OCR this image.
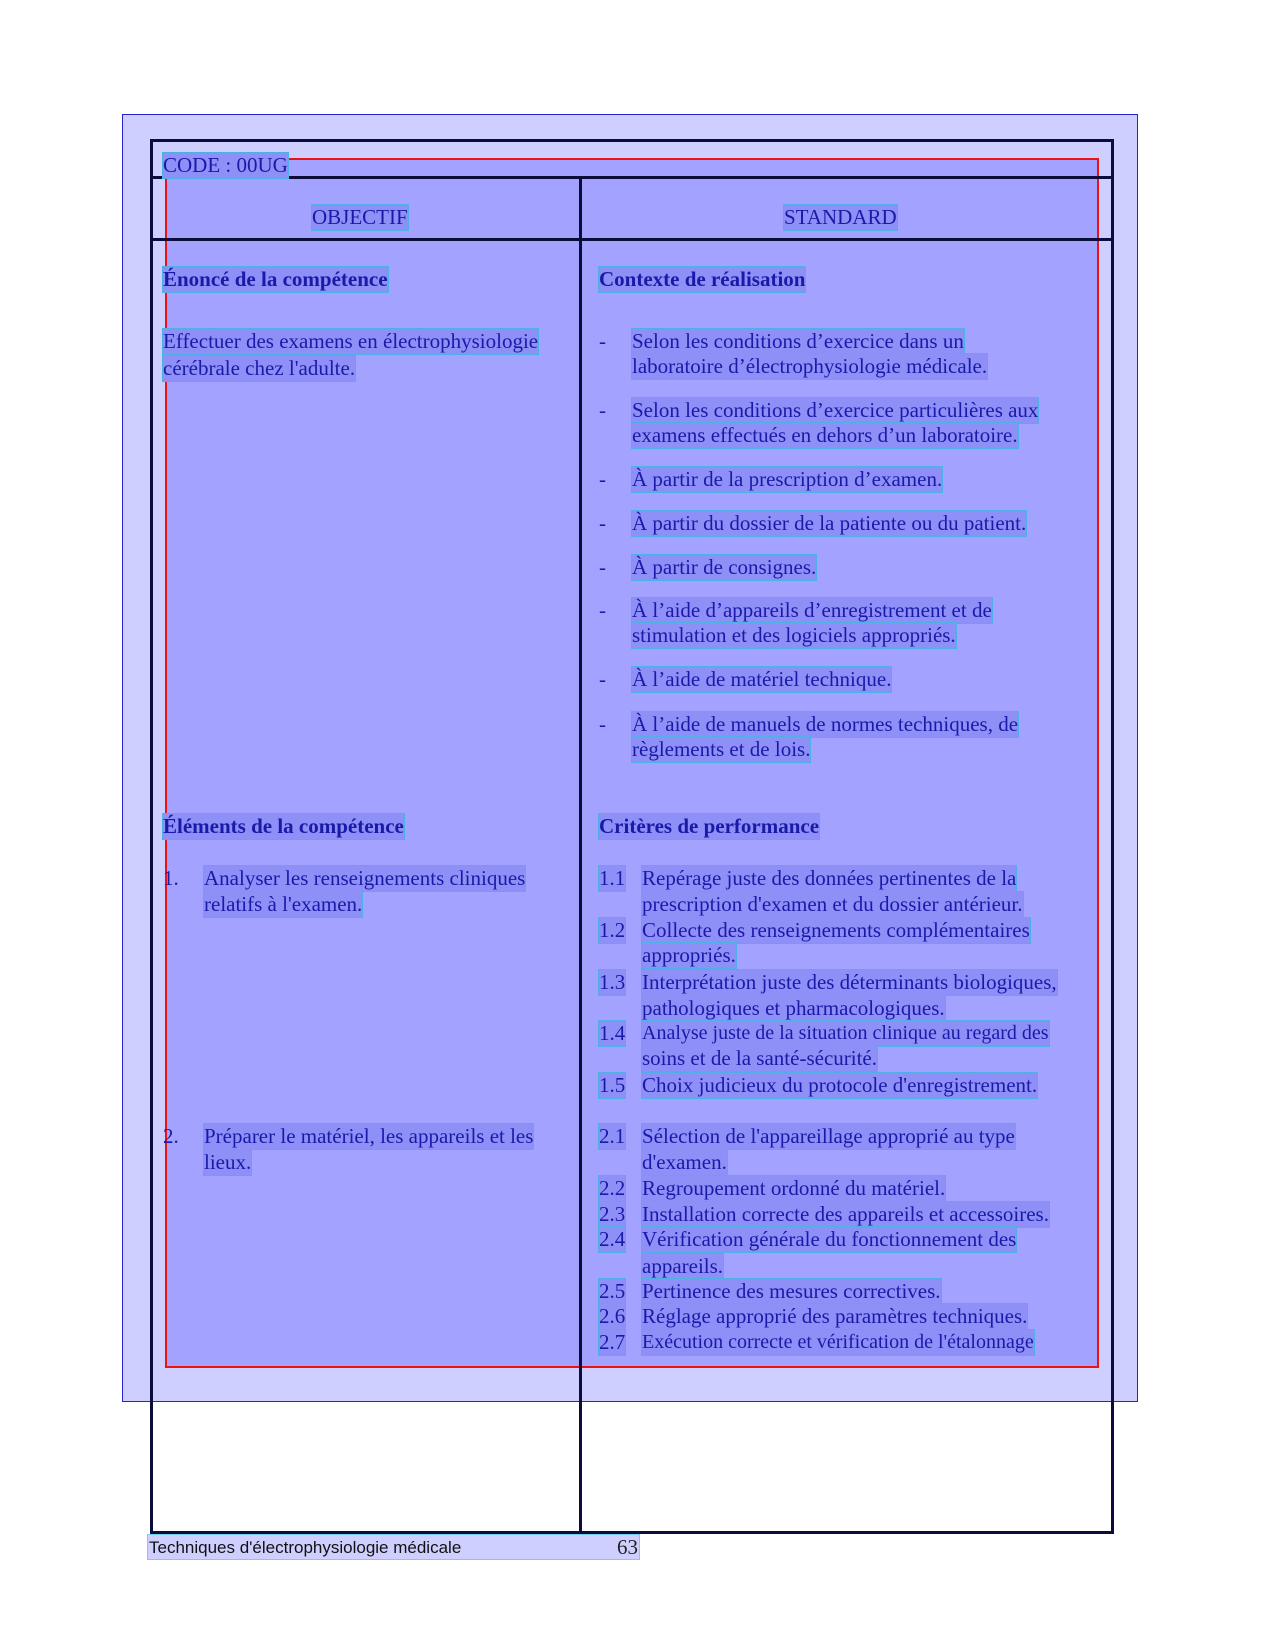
CODE : 00UG
OBJECTIF	STANDARD
Énoncé de la compétence
Effectuer des examens en électrophysiologie
cérébrale chez l'adulte.
Éléments de la compétence
1. Analyser les renseignements cliniques
relatifs à l'examen.
2. Préparer le matériel, les appareils et les
lieux.
Contexte de réalisation
- Selon les conditions d’exercice dans un
laboratoire d’électrophysiologie médicale.
- Selon les conditions d’exercice particulières aux
examens effectués en dehors d’un laboratoire.
- À partir de la prescription d’examen.
- À partir du dossier de la patiente ou du patient.
- À partir de consignes.
- À l’aide d’appareils d’enregistrement et de
stimulation et des logiciels appropriés.
- À l’aide de matériel technique.
- À l’aide de manuels de normes techniques, de
règlements et de lois.
Critères de performance
1.1 Repérage juste des données pertinentes de la
prescription d'examen et du dossier antérieur.
1.2 Collecte des renseignements complémentaires
appropriés.
1.3 Interprétation juste des déterminants biologiques,
pathologiques et pharmacologiques.
1.4 Analyse juste de la situation clinique au regard des
soins et de la santé-sécurité.
1.5 Choix judicieux du protocole d'enregistrement.
2.1 Sélection de l'appareillage approprié au type
d'examen.
2.2 Regroupement ordonné du matériel.
2.3 Installation correcte des appareils et accessoires.
2.4 Vérification générale du fonctionnement des
appareils.
2.5 Pertinence des mesures correctives.
2.6 Réglage approprié des paramètres techniques.
2.7 Exécution correcte et vérification de l'étalonnage
Techniques d'électrophysiologie médicale	63
